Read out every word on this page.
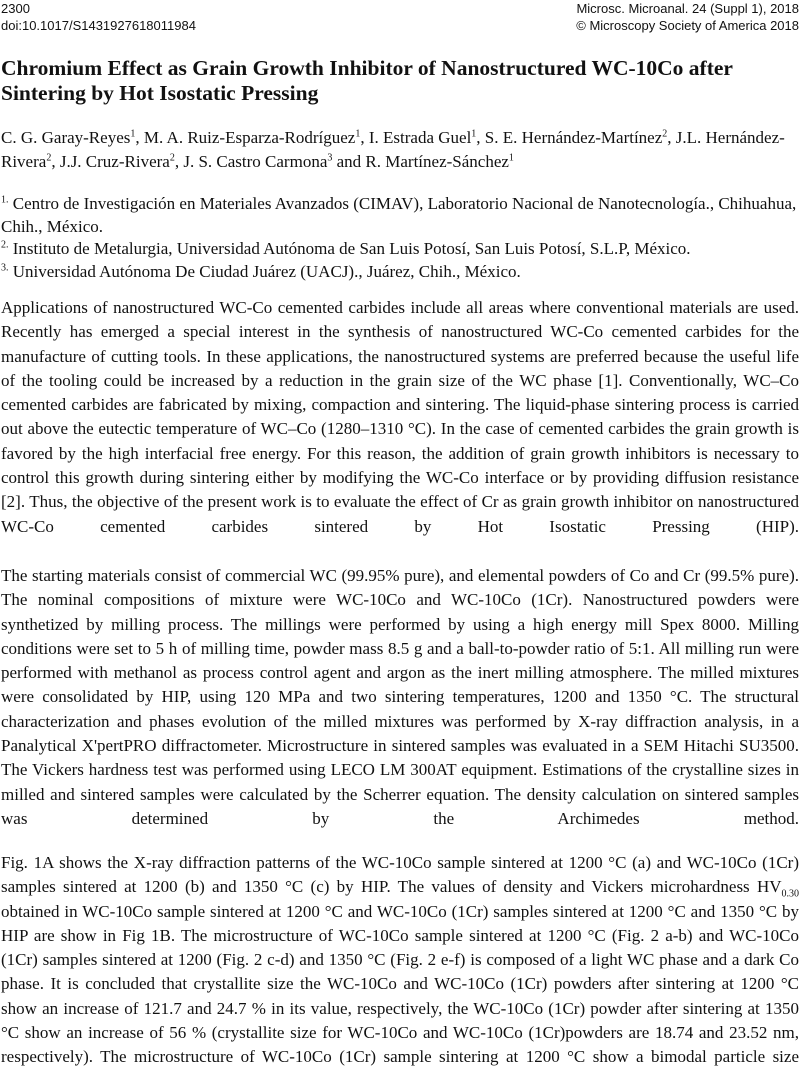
2300
doi:10.1017/S1431927618011984
Microsc. Microanal. 24 (Suppl 1), 2018
© Microscopy Society of America 2018
Chromium Effect as Grain Growth Inhibitor of Nanostructured WC-10Co after Sintering by Hot Isostatic Pressing
C. G. Garay-Reyes$^1$, M. A. Ruiz-Esparza-Rodríguez$^1$, I. Estrada Guel$^1$, S. E. Hernández-Martínez$^2$, J.L. Hernández-Rivera$^2$, J.J. Cruz-Rivera$^2$, J. S. Castro Carmona$^3$ and R. Martínez-Sánchez$^1$
$^{1.}$ Centro de Investigación en Materiales Avanzados (CIMAV), Laboratorio Nacional de Nanotecnología., Chihuahua, Chih., México.
$^{2.}$ Instituto de Metalurgia, Universidad Autónoma de San Luis Potosí, San Luis Potosí, S.L.P, México.
$^{3.}$ Universidad Autónoma De Ciudad Juárez (UACJ)., Juárez, Chih., México.

Applications of nanostructured WC-Co cemented carbides include all areas where conventional materials are used. Recently has emerged a special interest in the synthesis of nanostructured WC-Co cemented carbides for the manufacture of cutting tools. In these applications, the nanostructured systems are preferred because the useful life of the tooling could be increased by a reduction in the grain size of the WC phase [1]. Conventionally, WC–Co cemented carbides are fabricated by mixing, compaction and sintering. The liquid-phase sintering process is carried out above the eutectic temperature of WC–Co (1280–1310 °C). In the case of cemented carbides the grain growth is favored by the high interfacial free energy. For this reason, the addition of grain growth inhibitors is necessary to control this growth during sintering either by modifying the WC-Co interface or by providing diffusion resistance [2]. Thus, the objective of the present work is to evaluate the effect of Cr as grain growth inhibitor on nanostructured WC-Co cemented carbides sintered by Hot Isostatic Pressing (HIP).

The starting materials consist of commercial WC (99.95% pure), and elemental powders of Co and Cr (99.5% pure). The nominal compositions of mixture were WC-10Co and WC-10Co (1Cr). Nanostructured powders were synthetized by milling process. The millings were performed by using a high energy mill Spex 8000. Milling conditions were set to 5 h of milling time, powder mass 8.5 g and a ball-to-powder ratio of 5:1. All milling run were performed with methanol as process control agent and argon as the inert milling atmosphere. The milled mixtures were consolidated by HIP, using 120 MPa and two sintering temperatures, 1200 and 1350 °C. The structural characterization and phases evolution of the milled mixtures was performed by X-ray diffraction analysis, in a Panalytical X'pertPRO diffractometer. Microstructure in sintered samples was evaluated in a SEM Hitachi SU3500. The Vickers hardness test was performed using LECO LM 300AT equipment. Estimations of the crystalline sizes in milled and sintered samples were calculated by the Scherrer equation. The density calculation on sintered samples was determined by the Archimedes method.

Fig. 1A shows the X-ray diffraction patterns of the WC-10Co sample sintered at 1200 °C (a) and WC-10Co (1Cr) samples sintered at 1200 (b) and 1350 °C (c) by HIP. The values of density and Vickers microhardness $HV_{0.30}$ obtained in WC-10Co sample sintered at 1200 °C and WC-10Co (1Cr) samples sintered at 1200 °C and 1350 °C by HIP are show in Fig 1B. The microstructure of WC-10Co sample sintered at 1200 °C (Fig. 2 a-b) and WC-10Co (1Cr) samples sintered at 1200 (Fig. 2 c-d) and 1350 °C (Fig. 2 e-f) is composed of a light WC phase and a dark Co phase. It is concluded that crystallite size the WC-10Co and WC-10Co (1Cr) powders after sintering at 1200 °C show an increase of 121.7 and 24.7 % in its value, respectively, the WC-10Co (1Cr) powder after sintering at 1350 °C show an increase of 56 % (crystallite size for WC-10Co and WC-10Co (1Cr)powders are 18.74 and 23.52 nm, respectively). The microstructure of WC-10Co (1Cr) sample sintering at 1200 °C show a bimodal particle size
